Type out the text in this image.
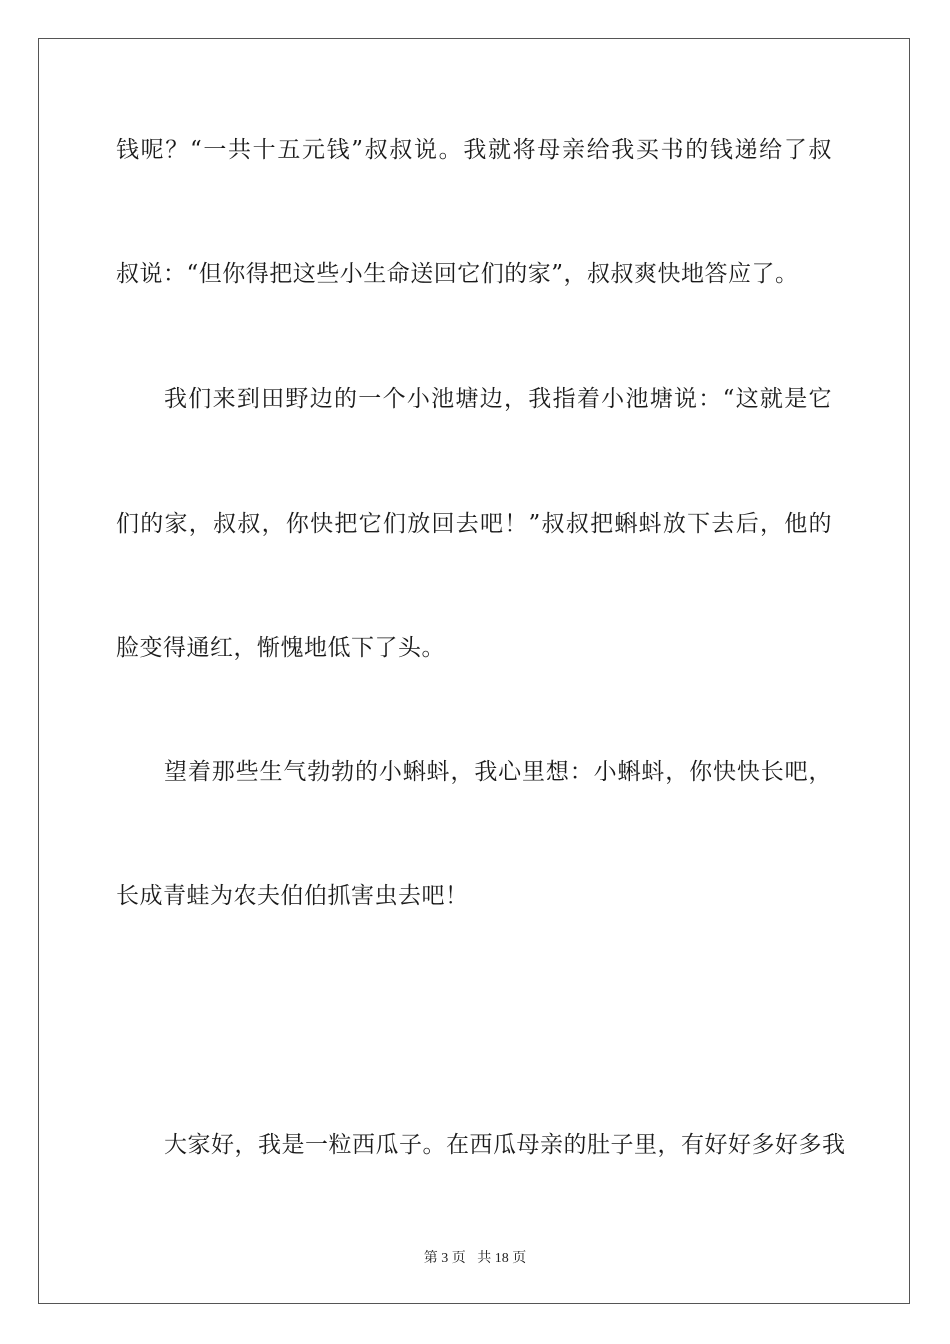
钱呢？“一共十五元钱”叔叔说。我就将母亲给我买书的钱递给了叔
叔说：“但你得把这些小生命送回它们的家”，叔叔爽快地答应了。
我们来到田野边的一个小池塘边，我指着小池塘说：“这就是它
们的家，叔叔，你快把它们放回去吧！”叔叔把蝌蚪放下去后，他的
脸变得通红，惭愧地低下了头。
望着那些生气勃勃的小蝌蚪，我心里想：小蝌蚪，你快快长吧，
长成青蛙为农夫伯伯抓害虫去吧！
大家好，我是一粒西瓜子。在西瓜母亲的肚子里，有好好多好多我
第 3 页 共 18 页
